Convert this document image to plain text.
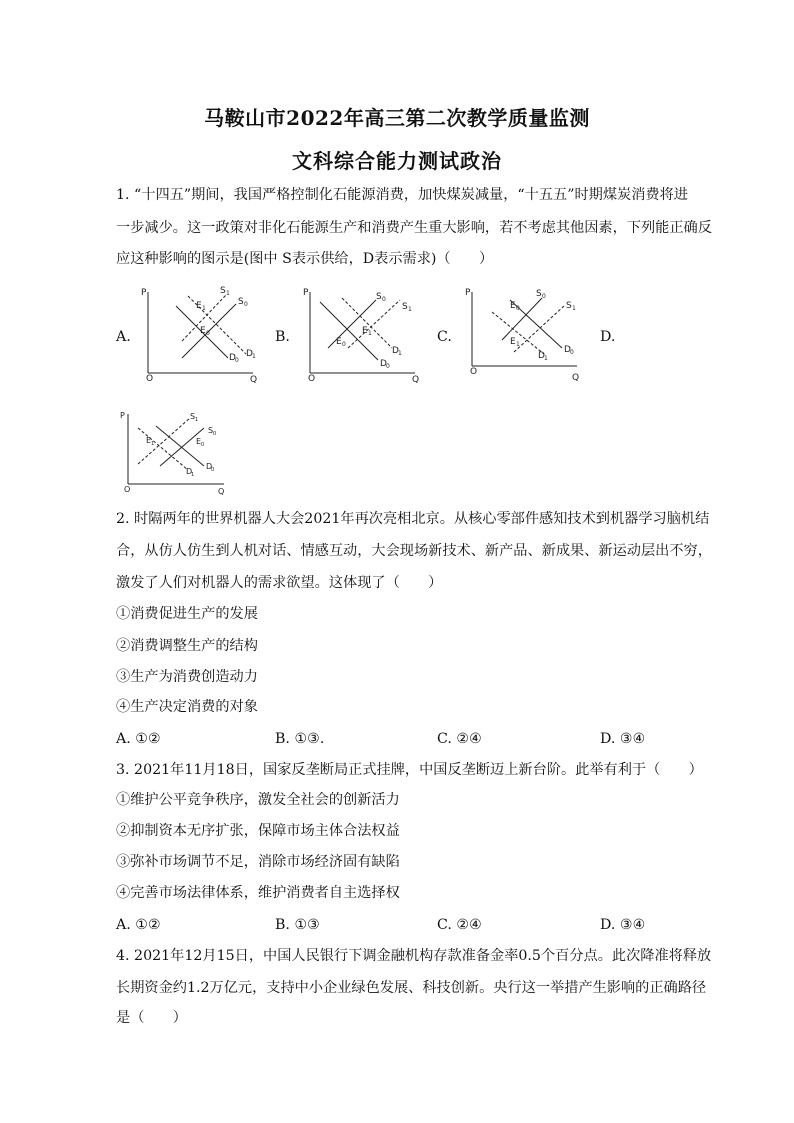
马鞍山市2022年高三第二次教学质量监测
文科综合能力测试政治
1. “十四五”期间，我国严格控制化石能源消费，加快煤炭减量，“十五五”时期煤炭消费将进
一步减少。这一政策对非化石能源生产和消费产生重大影响，若不考虑其他因素，下列能正确反
应这种影响的图示是(图中 S表示供给，D表示需求)（　　）
A.	B.	C.	D.
P
O	Q
S 0
S 1
D 0
D 1
E 0
E 1
P
O	Q
S 0
S 1
D 0
D 1
E 0
E 1
P
O
Q
S 0
S 1
D 0
D 1
E 0
E 1
P
O	Q
S 0
S 1
D
0
D
1
E 0
E 1
2. 时隔两年的世界机器人大会2021年再次亮相北京。从核心零部件感知技术到机器学习脑机结
合，从仿人仿生到人机对话、情感互动，大会现场新技术、新产品、新成果、新运动层出不穷，
激发了人们对机器人的需求欲望。这体现了（　　）
①消费促进生产的发展
②消费调整生产的结构
③生产为消费创造动力
④生产决定消费的对象
A. ①②	B. ①③.	C. ②④	D. ③④
3. 2021年11月18日，国家反垄断局正式挂牌，中国反垄断迈上新台阶。此举有利于（　　）
①维护公平竞争秩序，激发全社会的创新活力
②抑制资本无序扩张，保障市场主体合法权益
③弥补市场调节不足，消除市场经济固有缺陷
④完善市场法律体系，维护消费者自主选择权
A. ①②	B. ①③	C. ②④	D. ③④
4. 2021年12月15日，中国人民银行下调金融机构存款准备金率0.5个百分点。此次降准将释放
长期资金约1.2万亿元，支持中小企业绿色发展、科技创新。央行这一举措产生影响的正确路径
是（　　）
